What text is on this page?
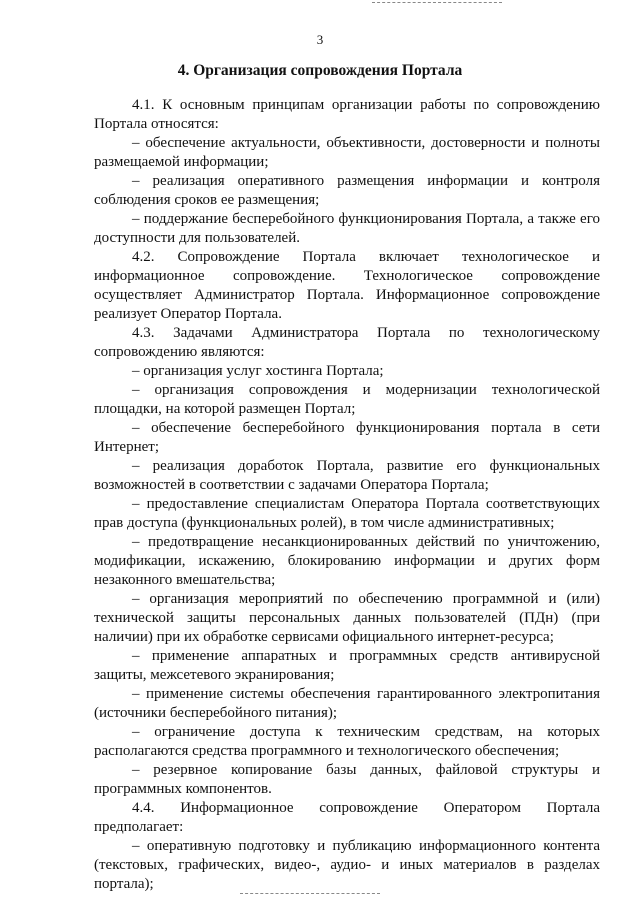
3
4. Организация сопровождения Портала

4.1. К основным принципам организации работы по сопровождению Портала относятся:

– обеспечение актуальности, объективности, достоверности и полноты размещаемой информации;

– реализация оперативного размещения информации и контроля соблюдения сроков ее размещения;

– поддержание бесперебойного функционирования Портала, а также его доступности для пользователей.

4.2. Сопровождение Портала включает технологическое и информационное сопровождение. Технологическое сопровождение осуществляет Администратор Портала. Информационное сопровождение реализует Оператор Портала.

4.3. Задачами Администратора Портала по технологическому сопровождению являются:

– организация услуг хостинга Портала;

– организация сопровождения и модернизации технологической площадки, на которой размещен Портал;

– обеспечение бесперебойного функционирования портала в сети Интернет;

– реализация доработок Портала, развитие его функциональных возможностей в соответствии с задачами Оператора Портала;

– предоставление специалистам Оператора Портала соответствующих прав доступа (функциональных ролей), в том числе административных;

– предотвращение несанкционированных действий по уничтожению, модификации, искажению, блокированию информации и других форм незаконного вмешательства;

– организация мероприятий по обеспечению программной и (или) технической защиты персональных данных пользователей (ПДн) (при наличии) при их обработке сервисами официального интернет-ресурса;

– применение аппаратных и программных средств антивирусной защиты, межсетевого экранирования;

– применение системы обеспечения гарантированного электропитания (источники бесперебойного питания);

– ограничение доступа к техническим средствам, на которых располагаются средства программного и технологического обеспечения;

– резервное копирование базы данных, файловой структуры и программных компонентов.

4.4. Информационное сопровождение Оператором Портала предполагает:

– оперативную подготовку и публикацию информационного контента (текстовых, графических, видео-, аудио- и иных материалов в разделах портала);
